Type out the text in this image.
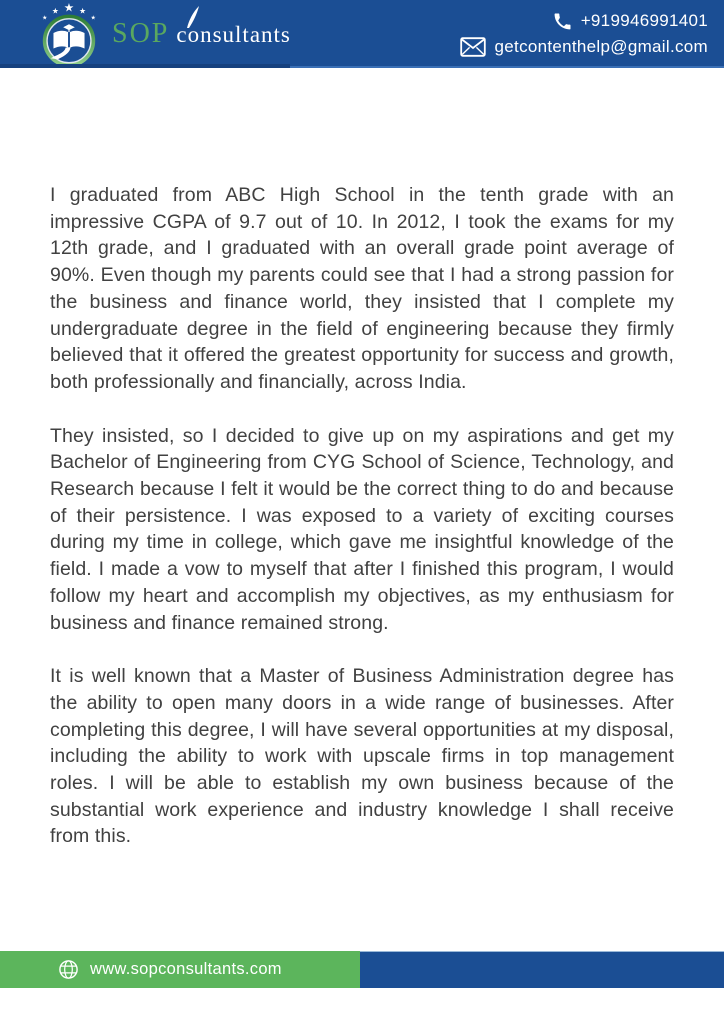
★
★	★
★	★ SOP consultants
+919946991401
getcontenthelp@gmail.com

I graduated from ABC High School in the tenth grade with an impressive CGPA of 9.7 out of 10. In 2012, I took the exams for my 12th grade, and I graduated with an overall grade point average of 90%. Even though my parents could see that I had a strong passion for the business and finance world, they insisted that I complete my undergraduate degree in the field of engineering because they firmly believed that it offered the greatest opportunity for success and growth, both professionally and financially, across India.

They insisted, so I decided to give up on my aspirations and get my Bachelor of Engineering from CYG School of Science, Technology, and Research because I felt it would be the correct thing to do and because of their persistence. I was exposed to a variety of exciting courses during my time in college, which gave me insightful knowledge of the field. I made a vow to myself that after I finished this program, I would follow my heart and accomplish my objectives, as my enthusiasm for business and finance remained strong.

It is well known that a Master of Business Administration degree has the ability to open many doors in a wide range of businesses. After completing this degree, I will have several opportunities at my disposal, including the ability to work with upscale firms in top management roles. I will be able to establish my own business because of the substantial work experience and industry knowledge I shall receive from this.

www.sopconsultants.com
